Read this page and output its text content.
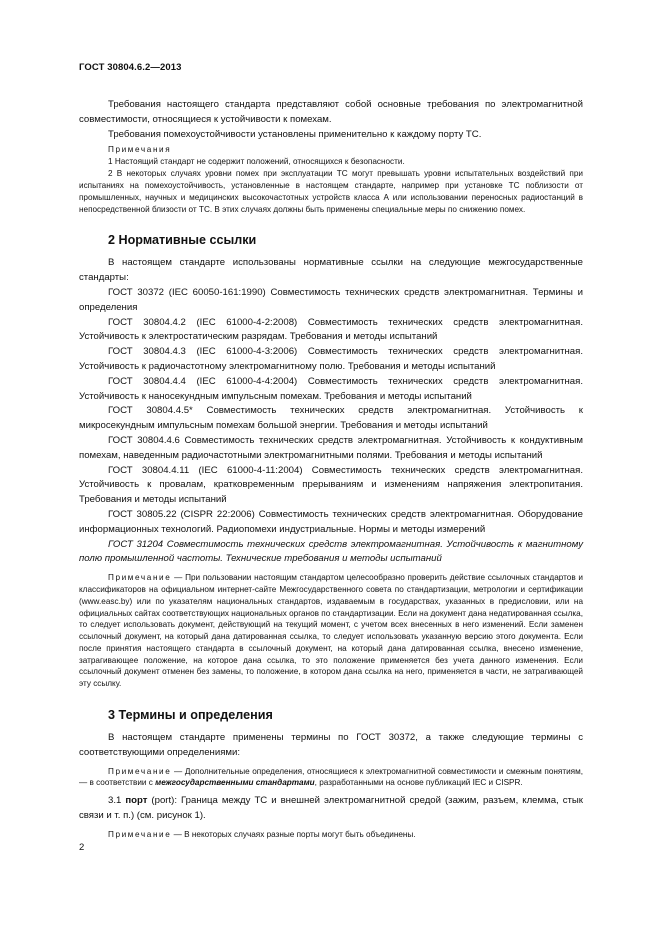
ГОСТ 30804.6.2—2013

Требования настоящего стандарта представляют собой основные требования по электромагнитной совместимости, относящиеся к устойчивости к помехам.

Требования помехоустойчивости установлены применительно к каждому порту ТС.

Примечания

1 Настоящий стандарт не содержит положений, относящихся к безопасности.

2 В некоторых случаях уровни помех при эксплуатации ТС могут превышать уровни испытательных воздействий при испытаниях на помехоустойчивость, установленные в настоящем стандарте, например при установке ТС поблизости от промышленных, научных и медицинских высокочастотных устройств класса А или использовании переносных радиостанций в непосредственной близости от ТС. В этих случаях должны быть применены специальные меры по снижению помех.

2 Нормативные ссылки

В настоящем стандарте использованы нормативные ссылки на следующие межгосударственные стандарты:

ГОСТ 30372 (IEC 60050-161:1990) Совместимость технических средств электромагнитная. Термины и определения

ГОСТ 30804.4.2 (IEC 61000-4-2:2008) Совместимость технических средств электромагнитная. Устойчивость к электростатическим разрядам. Требования и методы испытаний

ГОСТ 30804.4.3 (IEC 61000-4-3:2006) Совместимость технических средств электромагнитная. Устойчивость к радиочастотному электромагнитному полю. Требования и методы испытаний

ГОСТ 30804.4.4 (IEC 61000-4-4:2004) Совместимость технических средств электромагнитная. Устойчивость к наносекундным импульсным помехам. Требования и методы испытаний

ГОСТ 30804.4.5* Совместимость технических средств электромагнитная. Устойчивость к микросекундным импульсным помехам большой энергии. Требования и методы испытаний

ГОСТ 30804.4.6 Совместимость технических средств электромагнитная. Устойчивость к кондуктивным помехам, наведенным радиочастотными электромагнитными полями. Требования и методы испытаний

ГОСТ 30804.4.11 (IEC 61000-4-11:2004) Совместимость технических средств электромагнитная. Устойчивость к провалам, кратковременным прерываниям и изменениям напряжения электропитания. Требования и методы испытаний

ГОСТ 30805.22 (CISPR 22:2006) Совместимость технических средств электромагнитная. Оборудование информационных технологий. Радиопомехи индустриальные. Нормы и методы измерений

ГОСТ 31204 Совместимость технических средств электромагнитная. Устойчивость к магнитному полю промышленной частоты. Технические требования и методы испытаний

Примечание — При пользовании настоящим стандартом целесообразно проверить действие ссылочных стандартов и классификаторов на официальном интернет-сайте Межгосударственного совета по стандартизации, метрологии и сертификации (www.easc.by) или по указателям национальных стандартов, издаваемым в государствах, указанных в предисловии, или на официальных сайтах соответствующих национальных органов по стандартизации. Если на документ дана недатированная ссылка, то следует использовать документ, действующий на текущий момент, с учетом всех внесенных в него изменений. Если заменен ссылочный документ, на который дана датированная ссылка, то следует использовать указанную версию этого документа. Если после принятия настоящего стандарта в ссылочный документ, на который дана датированная ссылка, внесено изменение, затрагивающее положение, на которое дана ссылка, то это положение применяется без учета данного изменения. Если ссылочный документ отменен без замены, то положение, в котором дана ссылка на него, применяется в части, не затрагивающей эту ссылку.

3 Термины и определения

В настоящем стандарте применены термины по ГОСТ 30372, а также следующие термины с соответствующими определениями:

Примечание — Дополнительные определения, относящиеся к электромагнитной совместимости и смежным понятиям, — в соответствии с межгосударственными стандартами, разработанными на основе публикаций IEC и CISPR.

3.1 порт (port): Граница между ТС и внешней электромагнитной средой (зажим, разъем, клемма, стык связи и т. п.) (см. рисунок 1).

Примечание — В некоторых случаях разные порты могут быть объединены.

2
